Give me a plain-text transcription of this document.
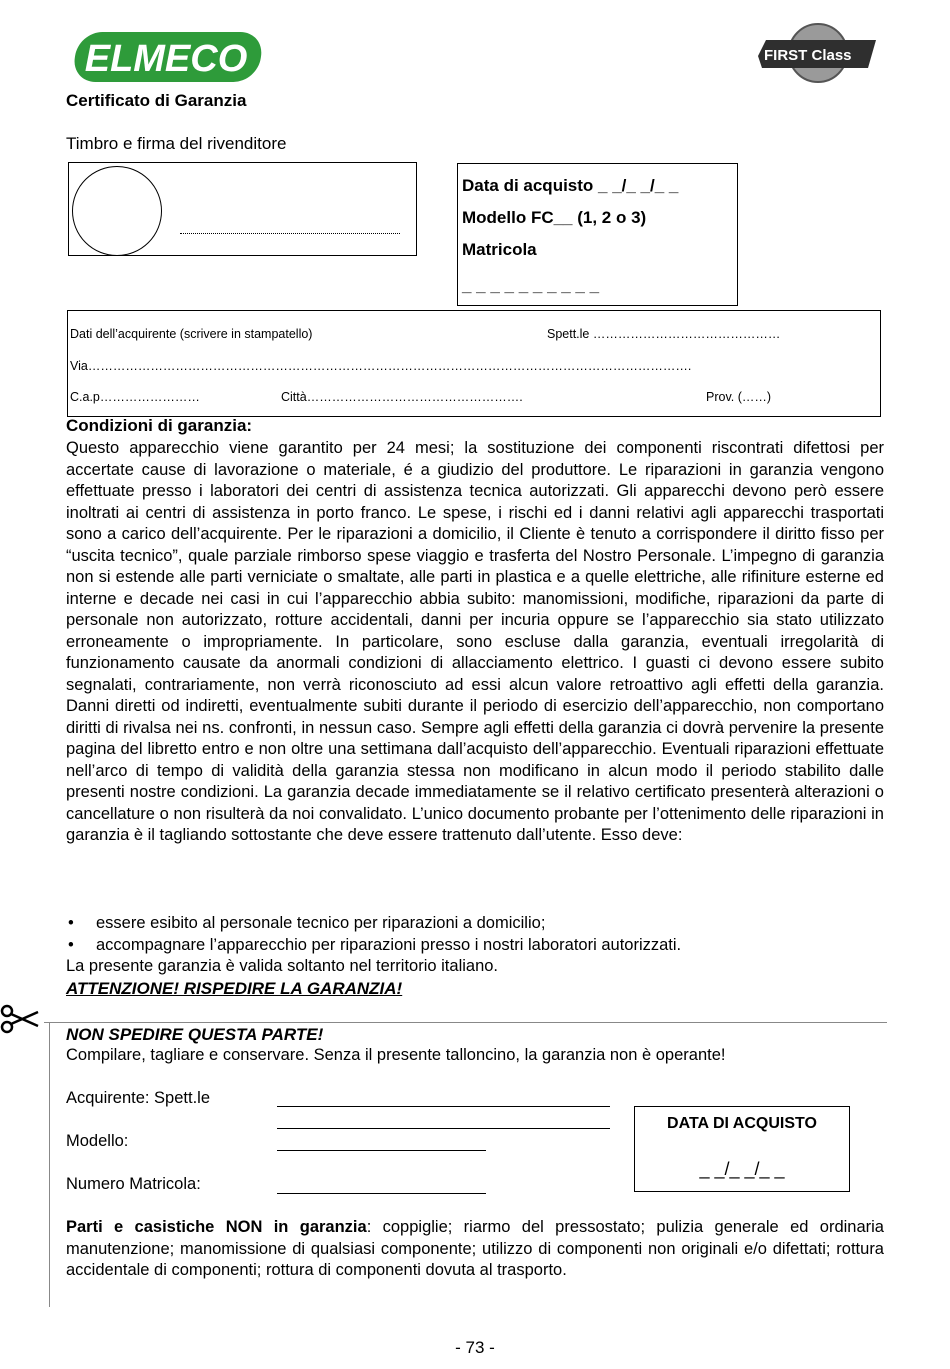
ELMECO	FIRST Class
Certificato di Garanzia
Timbro e firma del rivenditore
Data di acquisto _ _/_ _/_ _
Modello FC__ (1, 2 o 3)
Matricola
_ _ _ _ _ _ _ _ _ _
Dati dell’acquirente (scrivere in stampatello)	Spett.le ………………………………………
Via……………………………………………………………………………………………………………………………….
C.a.p……………………	Città…………………………………………….	Prov. (……)
Condizioni di garanzia:
Questo apparecchio viene garantito per 24 mesi; la sostituzione dei componenti riscontrati difettosi per accertate cause di lavorazione o materiale, é a giudizio del produttore. Le riparazioni in garanzia vengono effettuate presso i laboratori dei centri di assistenza tecnica autorizzati. Gli apparecchi devono però essere inoltrati ai centri di assistenza in porto franco. Le spese, i rischi ed i danni relativi agli apparecchi trasportati sono a carico dell’acquirente. Per le riparazioni a domicilio, il Cliente è tenuto a corrispondere il diritto fisso per “uscita tecnico”, quale parziale rimborso spese viaggio e trasferta del Nostro Personale. L’impegno di garanzia non si estende alle parti verniciate o smaltate, alle parti in plastica e a quelle elettriche, alle rifiniture esterne ed interne e decade nei casi in cui l’apparecchio abbia subito: manomissioni, modifiche, riparazioni da parte di personale non autorizzato, rotture accidentali, danni per incuria oppure se l’apparecchio sia stato utilizzato erroneamente o impropriamente. In particolare, sono escluse dalla garanzia, eventuali irregolarità di funzionamento causate da anormali condizioni di allacciamento elettrico. I guasti ci devono essere subito segnalati, contrariamente, non verrà riconosciuto ad essi alcun valore retroattivo agli effetti della garanzia. Danni diretti od indiretti, eventualmente subiti durante il periodo di esercizio dell’apparecchio, non comportano diritti di rivalsa nei ns. confronti, in nessun caso. Sempre agli effetti della garanzia ci dovrà pervenire la presente pagina del libretto entro e non oltre una settimana dall’acquisto dell’apparecchio. Eventuali riparazioni effettuate nell’arco di tempo di validità della garanzia stessa non modificano in alcun modo il periodo stabilito dalle presenti nostre condizioni. La garanzia decade immediatamente se il relativo certificato presenterà alterazioni o cancellature o non risulterà da noi convalidato. L’unico documento probante per l’ottenimento delle riparazioni in garanzia è il tagliando sottostante che deve essere trattenuto dall’utente. Esso deve:
• essere esibito al personale tecnico per riparazioni a domicilio;
• accompagnare l’apparecchio per riparazioni presso i nostri laboratori autorizzati.
La presente garanzia è valida soltanto nel territorio italiano.
ATTENZIONE! RISPEDIRE LA GARANZIA!
NON SPEDIRE QUESTA PARTE!
Compilare, tagliare e conservare. Senza il presente talloncino, la garanzia non è operante!
Acquirente: Spett.le
Modello:
Numero Matricola:
DATA DI ACQUISTO
_ _/_ _/_ _
Parti e casistiche NON in garanzia: coppiglie; riarmo del pressostato; pulizia generale ed ordinaria manutenzione; manomissione di qualsiasi componente; utilizzo di componenti non originali e/o difettati; rottura accidentale di componenti; rottura di componenti dovuta al trasporto.
- 73 -
